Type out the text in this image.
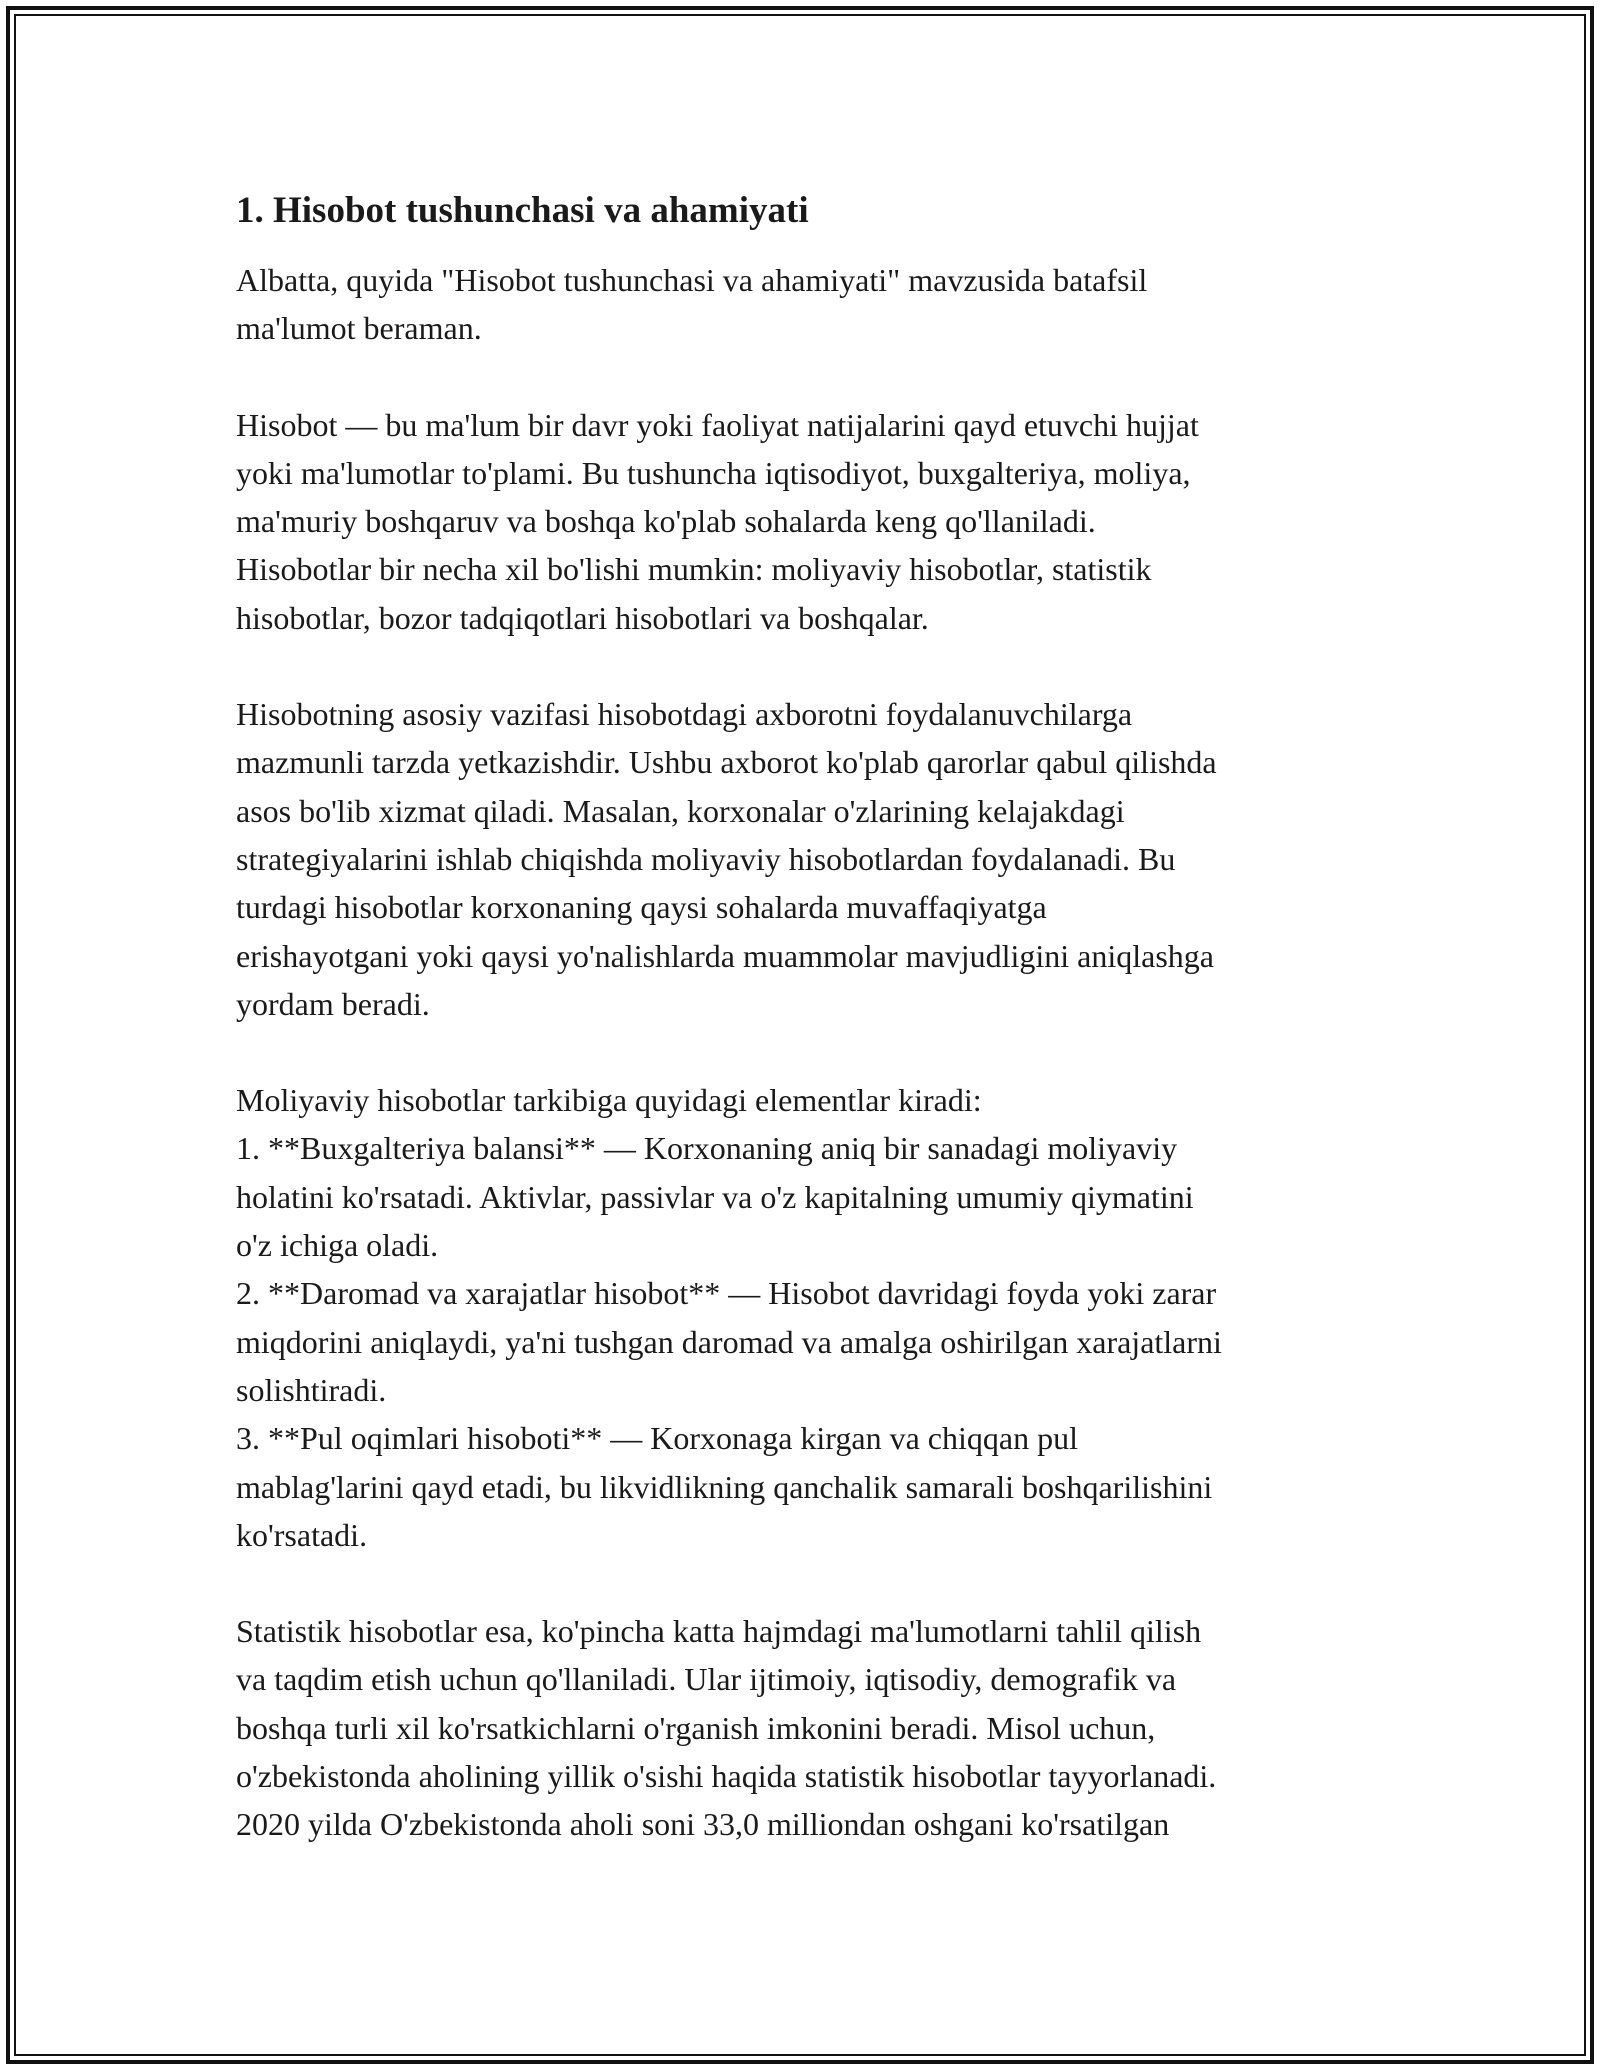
1. Hisobot tushunchasi va ahamiyati

Albatta, quyida "Hisobot tushunchasi va ahamiyati" mavzusida batafsil
ma'lumot beraman.

Hisobot — bu ma'lum bir davr yoki faoliyat natijalarini qayd etuvchi hujjat
yoki ma'lumotlar to'plami. Bu tushuncha iqtisodiyot, buxgalteriya, moliya,
ma'muriy boshqaruv va boshqa ko'plab sohalarda keng qo'llaniladi.
Hisobotlar bir necha xil bo'lishi mumkin: moliyaviy hisobotlar, statistik
hisobotlar, bozor tadqiqotlari hisobotlari va boshqalar.

Hisobotning asosiy vazifasi hisobotdagi axborotni foydalanuvchilarga
mazmunli tarzda yetkazishdir. Ushbu axborot ko'plab qarorlar qabul qilishda
asos bo'lib xizmat qiladi. Masalan, korxonalar o'zlarining kelajakdagi
strategiyalarini ishlab chiqishda moliyaviy hisobotlardan foydalanadi. Bu
turdagi hisobotlar korxonaning qaysi sohalarda muvaffaqiyatga
erishayotgani yoki qaysi yo'nalishlarda muammolar mavjudligini aniqlashga
yordam beradi.

Moliyaviy hisobotlar tarkibiga quyidagi elementlar kiradi:
1. **Buxgalteriya balansi** — Korxonaning aniq bir sanadagi moliyaviy
holatini ko'rsatadi. Aktivlar, passivlar va o'z kapitalning umumiy qiymatini
o'z ichiga oladi.
2. **Daromad va xarajatlar hisobot** — Hisobot davridagi foyda yoki zarar
miqdorini aniqlaydi, ya'ni tushgan daromad va amalga oshirilgan xarajatlarni
solishtiradi.
3. **Pul oqimlari hisoboti** — Korxonaga kirgan va chiqqan pul
mablag'larini qayd etadi, bu likvidlikning qanchalik samarali boshqarilishini
ko'rsatadi.

Statistik hisobotlar esa, ko'pincha katta hajmdagi ma'lumotlarni tahlil qilish
va taqdim etish uchun qo'llaniladi. Ular ijtimoiy, iqtisodiy, demografik va
boshqa turli xil ko'rsatkichlarni o'rganish imkonini beradi. Misol uchun,
o'zbekistonda aholining yillik o'sishi haqida statistik hisobotlar tayyorlanadi.
2020 yilda O'zbekistonda aholi soni 33,0 milliondan oshgani ko'rsatilgan
